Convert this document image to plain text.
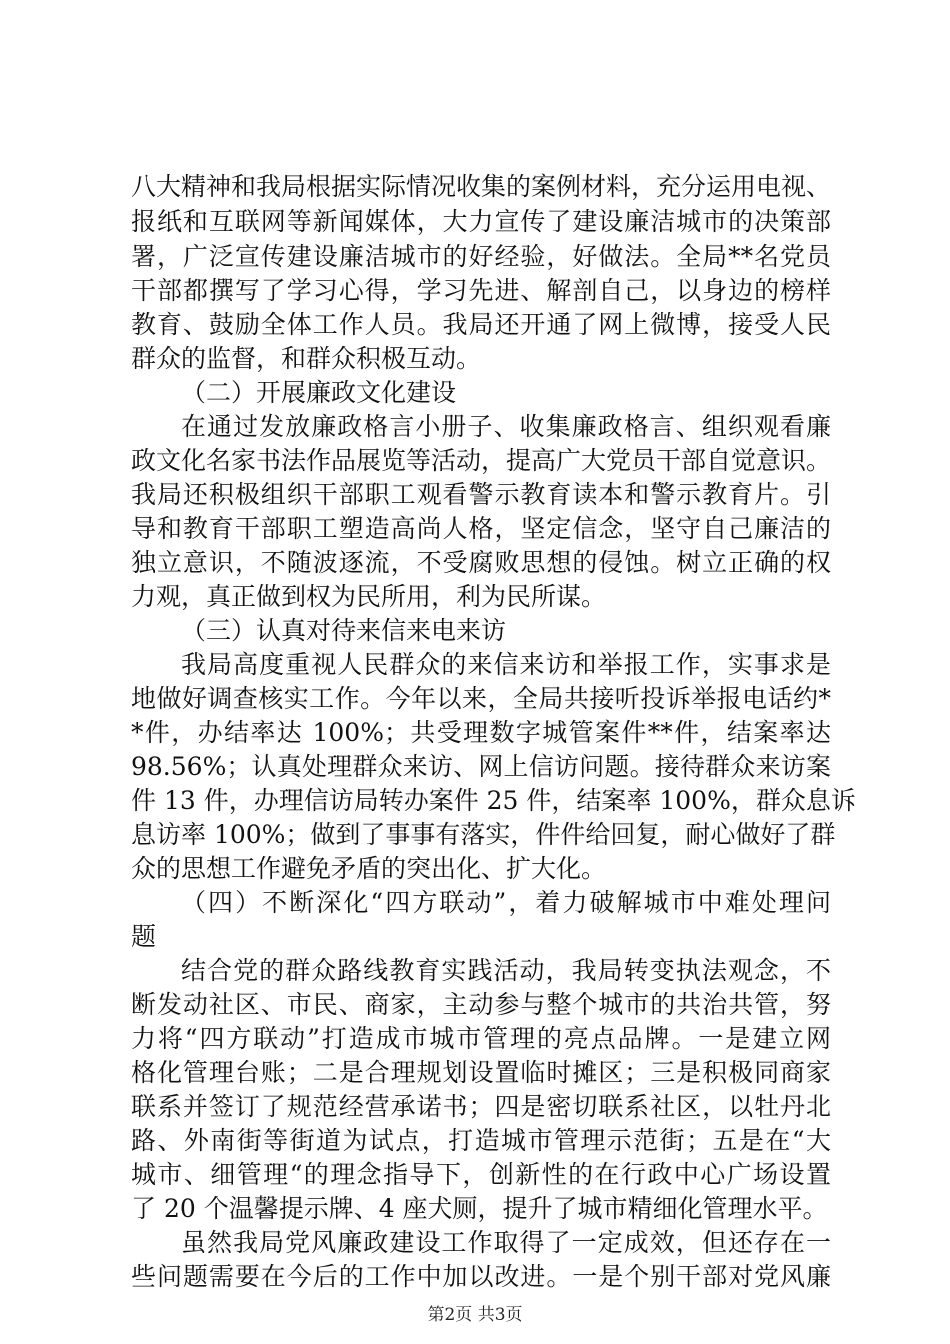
八大精神和我局根据实际情况收集的案例材料，充分运用电视、
报纸和互联网等新闻媒体，大力宣传了建设廉洁城市的决策部
署，广泛宣传建设廉洁城市的好经验，好做法。全局**名党员
干部都撰写了学习心得，学习先进、解剖自己，以身边的榜样
教育、鼓励全体工作人员。我局还开通了网上微博，接受人民
群众的监督，和群众积极互动。
（二）开展廉政文化建设
在通过发放廉政格言小册子、收集廉政格言、组织观看廉
政文化名家书法作品展览等活动，提高广大党员干部自觉意识。
我局还积极组织干部职工观看警示教育读本和警示教育片。引
导和教育干部职工塑造高尚人格，坚定信念，坚守自己廉洁的
独立意识，不随波逐流，不受腐败思想的侵蚀。树立正确的权
力观，真正做到权为民所用，利为民所谋。
（三）认真对待来信来电来访
我局高度重视人民群众的来信来访和举报工作，实事求是
地做好调查核实工作。今年以来，全局共接听投诉举报电话约*
*件，办结率达 100%；共受理数字城管案件**件，结案率达
98.56%；认真处理群众来访、网上信访问题。接待群众来访案
件 13 件，办理信访局转办案件 25 件，结案率 100%，群众息诉
息访率 100%；做到了事事有落实，件件给回复，耐心做好了群
众的思想工作避免矛盾的突出化、扩大化。
（四）不断深化“四方联动”，着力破解城市中难处理问
题
结合党的群众路线教育实践活动，我局转变执法观念，不
断发动社区、市民、商家，主动参与整个城市的共治共管，努
力将“四方联动”打造成市城市管理的亮点品牌。一是建立网
格化管理台账；二是合理规划设置临时摊区；三是积极同商家
联系并签订了规范经营承诺书；四是密切联系社区，以牡丹北
路、外南街等街道为试点，打造城市管理示范街；五是在“大
城市、细管理“的理念指导下，创新性的在行政中心广场设置
了 20 个温馨提示牌、4 座犬厕，提升了城市精细化管理水平。
虽然我局党风廉政建设工作取得了一定成效，但还存在一
些问题需要在今后的工作中加以改进。一是个别干部对党风廉
第2页 共3页
